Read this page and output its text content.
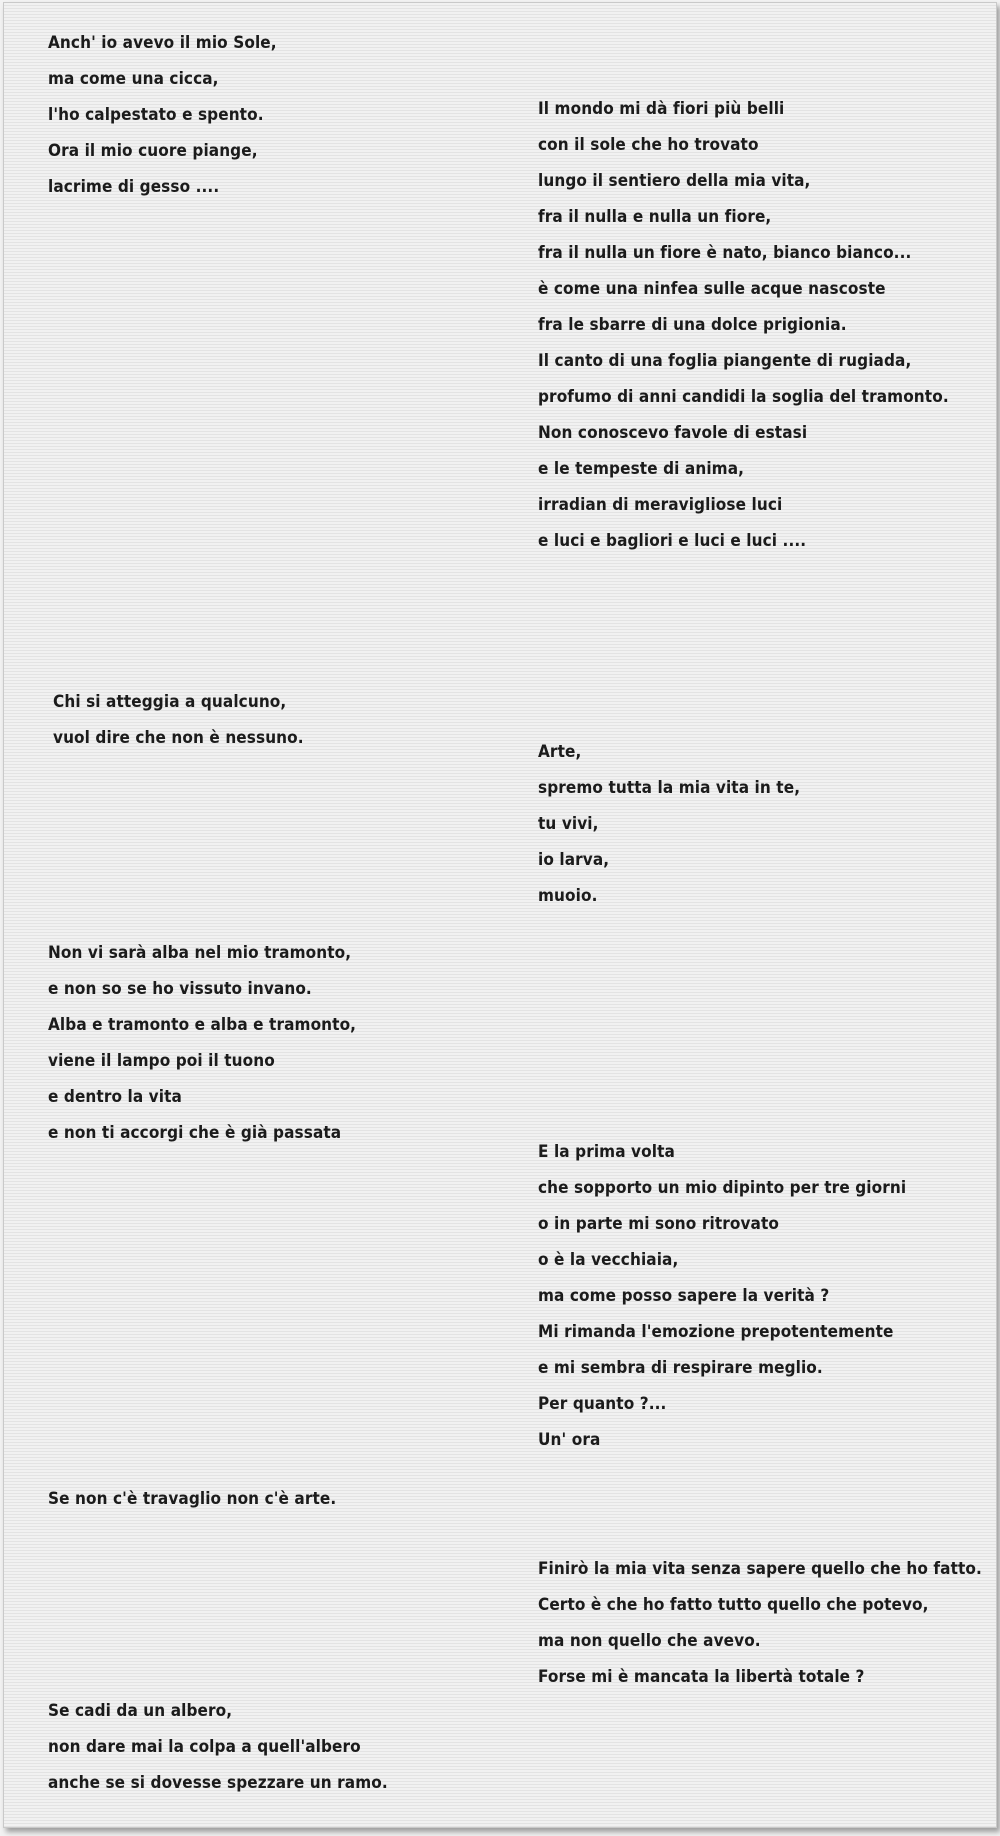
Anch' io avevo il mio Sole,
ma come una cicca,
l'ho calpestato e spento.
Ora il mio cuore piange,
lacrime di gesso ....
Il mondo mi dà fiori più belli
con il sole che ho trovato
lungo il sentiero della mia vita,
fra il nulla e nulla un fiore,
fra il nulla un fiore è nato, bianco bianco...
è come una ninfea sulle acque nascoste
fra le sbarre di una dolce prigionia.
Il canto di una foglia piangente di rugiada,
profumo di anni candidi la soglia del tramonto.
Non conoscevo favole di estasi
e le tempeste di anima,
irradian di meravigliose luci
e luci e bagliori e luci e luci ....
Chi si atteggia a qualcuno,
vuol dire che non è nessuno.
Arte,
spremo tutta la mia vita in te,
tu vivi,
io larva,
muoio.
Non vi sarà alba nel mio tramonto,
e non so se ho vissuto invano.
Alba e tramonto e alba e tramonto,
viene il lampo poi il tuono
e dentro la vita
e non ti accorgi che è già passata
E la prima volta
che sopporto un mio dipinto per tre giorni
o in parte mi sono ritrovato
o è la vecchiaia,
ma come posso sapere la verità ?
Mi rimanda l'emozione prepotentemente
e mi sembra di respirare meglio.
Per quanto ?...
Un' ora
Se non c'è travaglio non c'è arte.
Finirò la mia vita senza sapere quello che ho fatto.
Certo è che ho fatto tutto quello che potevo,
ma non quello che avevo.
Forse mi è mancata la libertà totale ?
Se cadi da un albero,
non dare mai la colpa a quell'albero
anche se si dovesse spezzare un ramo.
